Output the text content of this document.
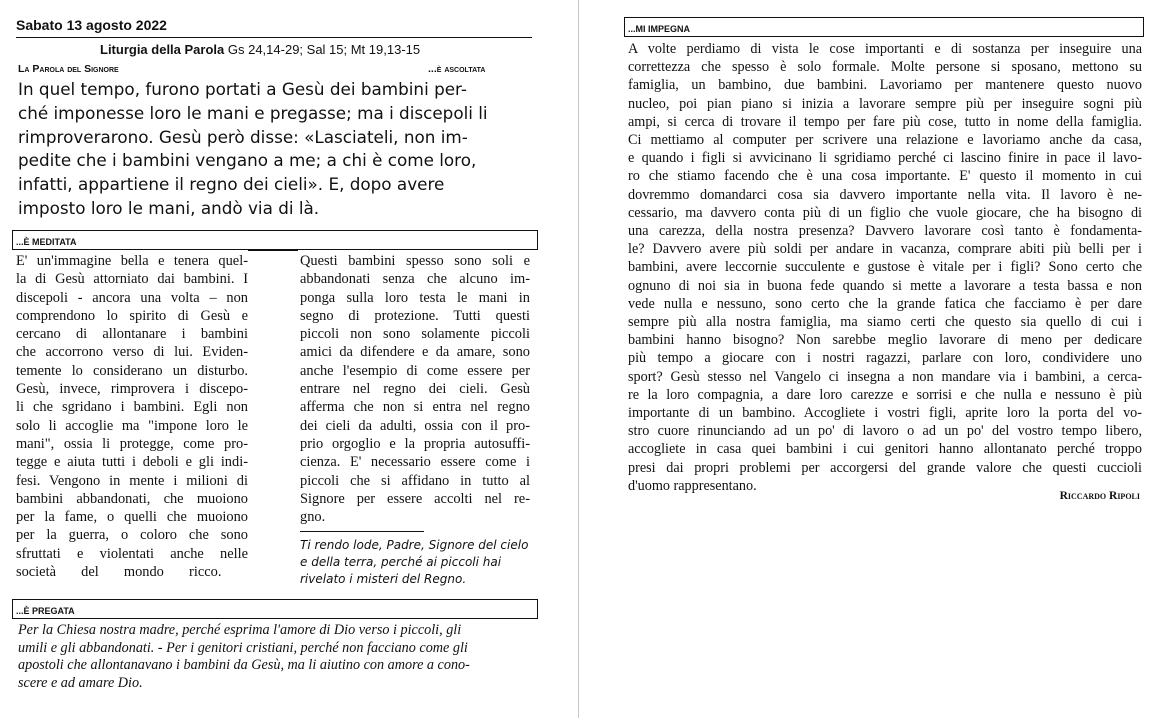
Sabato 13 agosto 2022
Liturgia della Parola Gs 24,14-29; Sal 15; Mt 19,13-15
La Parola del Signore	...è ascoltata
In quel tempo, furono portati a Gesù dei bambini per-
ché imponesse loro le mani e pregasse; ma i discepoli li
rimproverarono. Gesù però disse: «Lasciateli, non im-
pedite che i bambini vengano a me; a chi è come loro,
infatti, appartiene il regno dei cieli». E, dopo avere
imposto loro le mani, andò via di là.
...È MEDITATA
E' un'immagine bella e tenera quel-
la di Gesù attorniato dai bambini. I
discepoli - ancora una volta – non
comprendono lo spirito di Gesù e
cercano di allontanare i bambini
che accorrono verso di lui. Eviden-
temente lo considerano un disturbo.
Gesù, invece, rimprovera i discepo-
li che sgridano i bambini. Egli non
solo li accoglie ma "impone loro le
mani", ossia li protegge, come pro-
tegge e aiuta tutti i deboli e gli indi-
fesi. Vengono in mente i milioni di
bambini abbandonati, che muoiono
per la fame, o quelli che muoiono
per la guerra, o coloro che sono
sfruttati e violentati anche nelle
società       del       mondo       ricco.
Questi bambini spesso sono soli e
abbandonati senza che alcuno im-
ponga sulla loro testa le mani in
segno di protezione. Tutti questi
piccoli non sono solamente piccoli
amici da difendere e da amare, sono
anche l'esempio di come essere per
entrare nel regno dei cieli. Gesù
afferma che non si entra nel regno
dei cieli da adulti, ossia con il pro-
prio orgoglio e la propria autosuffi-
cienza. E' necessario essere come i
piccoli che si affidano in tutto al
Signore per essere accolti nel re-
gno.
Ti rendo lode, Padre, Signore del cielo
e della terra, perché ai piccoli hai
rivelato i misteri del Regno.
...È PREGATA
Per la Chiesa nostra madre, perché esprima l'amore di Dio verso i piccoli, gli
umili e gli abbandonati. - Per i genitori cristiani, perché non facciano come gli
apostoli che allontanavano i bambini da Gesù, ma li aiutino con amore a cono-
scere e ad amare Dio.
...MI IMPEGNA
A volte perdiamo di vista le cose importanti e di sostanza per inseguire una
correttezza che spesso è solo formale. Molte persone si sposano, mettono su
famiglia, un bambino, due bambini. Lavoriamo per mantenere questo nuovo
nucleo, poi pian piano si inizia a lavorare sempre più per inseguire sogni più
ampi, si cerca di trovare il tempo per fare più cose, tutto in nome della famiglia.
Ci mettiamo al computer per scrivere una relazione e lavoriamo anche da casa,
e quando i figli si avvicinano li sgridiamo perché ci lascino finire in pace il lavo-
ro che stiamo facendo che è una cosa importante. E' questo il momento in cui
dovremmo domandarci cosa sia davvero importante nella vita. Il lavoro è ne-
cessario, ma davvero conta più di un figlio che vuole giocare, che ha bisogno di
una carezza, della nostra presenza? Davvero lavorare così tanto è fondamenta-
le? Davvero avere più soldi per andare in vacanza, comprare abiti più belli per i
bambini, avere leccornie succulente e gustose è vitale per i figli? Sono certo che
ognuno di noi sia in buona fede quando si mette a lavorare a testa bassa e non
vede nulla e nessuno, sono certo che la grande fatica che facciamo è per dare
sempre più alla nostra famiglia, ma siamo certi che questo sia quello di cui i
bambini hanno bisogno? Non sarebbe meglio lavorare di meno per dedicare
più tempo a giocare con i nostri ragazzi, parlare con loro, condividere uno
sport? Gesù stesso nel Vangelo ci insegna a non mandare via i bambini, a cerca-
re la loro compagnia, a dare loro carezze e sorrisi e che nulla e nessuno è più
importante di un bambino. Accogliete i vostri figli, aprite loro la porta del vo-
stro cuore rinunciando ad un po' di lavoro o ad un po' del vostro tempo libero,
accogliete in casa quei bambini i cui genitori hanno allontanato perché troppo
presi dai propri problemi per accorgersi del grande valore che questi cuccioli
d'uomo rappresentano.
Riccardo Ripoli
